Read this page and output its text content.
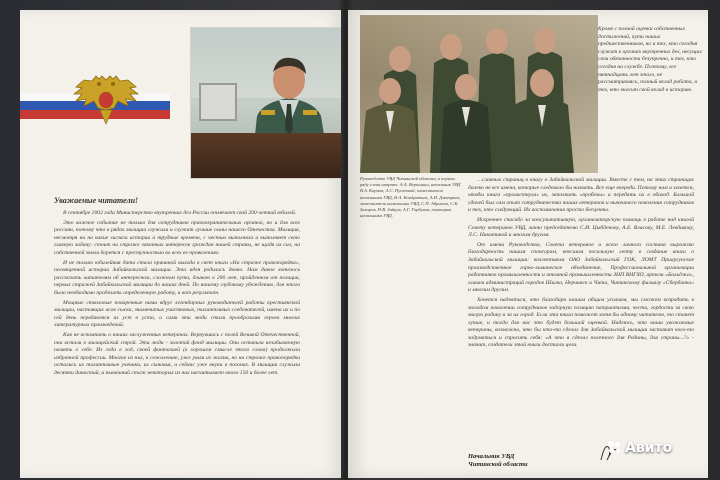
Уважаемые читатели!

В сентябре 2002 года Министерство внутренних дел России отмечает свой 200-летний юбилей.

Это важное событие не только для сотрудников правоохранительных органов, но и для всех россиян, потому что в рядах милиции служили и служат лучшие сыны нашего Отечества. Милиция, несмотря ни на какие зигзаги истории и трудные времена, с честью выполняла и выполняет свою главную задачу: стоит на страже законных интересов граждан нашей страны, не щадя их сил, на собственной земли борется с преступностью во всех ее проявлениях.

И не только юбилейная дата стала причиной выхода в свет книги «На страже правопорядка», посвященной истории Забайкальской милиции. Эта идея родилась давно. Нам давно хотелось рассказать читателям об интересном, сложном пути, длиною в 200 лет, пройденном от полиции, первых стражей Забайкальской милиции до наших дней. По нашему глубокому убеждению, для этого было необходимо проделать определенную работу, и вот результат.

Мощные стволовые поваренные нами вдруг легендарных руководителей работы крестьянской милиции, настоящих асов сыска, знаменитых участковых, талантливых следователей, имена их и по сей день передаются из уст в уста, а сами эти люди стали прообразами героев многих литературных произведений.

Как не вспомнить о наших заслуженных ветеранах. Вернувшись с полей Великой Отечественной, они встали в милицейский строй. Эти люди - золотой фонд милиции. Они оставили незабываемую память о себе. Из года в год, своей фантазией (в хорошем смысле этого слова) продолжили избранной профессии. Многие из них, к сожалению, уже ушли из жизни, но на страже правопорядка остались их талантливые ученики, их сыновья, и сейчас уже внуки в погонах. В милиции служили десятки династий, и нынешний стаж некоторых из них насчитывает около 150 и более лет.

Кроме с полной оценки собственных достижений, пути наших предшественников, но и тех, кто сегодня служит в органах внутренних дел, несущих свои обязанности безупречно, и тех, кто сегодня на службе. Поэтому, все пятнадцать лет этого, не рассматриваясь, полный вклад работа, и тех, кто вносит свой вклад в историю.

Руководство УВД Читинской области, в первом ряду слева направо: А.А. Вершинин, начальник УВД В.А. Карпов, А.С. Пустовой, заместители начальника УВД, Н.А. Кондратьев, А.И. Дмитриев, заместитель начальника УВД, С.П. Абрамов, С.К. Захаров, Н.В. Зайцев, А.Г. Горбунов, помощник начальника УВД.

…славных страниц в книгу о Забайкальской милиции. Вместе с тем, на этих страницах далеко не все имена, которые следовало бы назвать. Все еще впереди. Потому нам и хочется, чтобы книга «пролистнула» их, заполнить «пробелы» и передать их в обиход. Большой удачей был сам опыт сотрудничества наших ветеранов и нынешнего поколения сотрудников и тех, кто следующий. Их воспоминания просто бесценны.

Искреннее спасибо за консультативную, организаторскую помощь в работе над книгой Совету ветеранов УВД, лично председателю С.И. Цыбденову, А.Е. Власову, М.Е. Левдикову, Л.С. Никитиной и многим другим.

От имени Руководства, Совета ветеранов и всего личного состава выражаю благодарность нашим спонсорам, внесшим посильную лепту в создание книги о Забайкальской милиции: коллективам ОАО Забайкальский ГОК, ЛОМТ Приаргунское производственное горно-химическое объединение, Профессиональной организации работников промышленности и атомной промышленности ЗНП ВНГХО, артели «Бальджа», главам администраций городов Шилка, Нерчинск и Чита, Читинскому филиалу «Сбербанка» и многим другим.

Хочется надеяться, что благодаря нашим общим усилиям, мы сможем возродить в молодом поколении сотрудников задорную позицию патриотизма, чести, гордости за свою малую родину и за их город. Если эта книга поможет хотя бы одному читателю, то станет лучше, и тогда для нас это будет большой оценкой. Надеюсь, что наши уважаемые ветераны, возможно, что бы кто-то сделал для Забайкальской милиции заставит кого-то задуматься и спросить себя: «А что я сделал полезного для Родины, для страны...?» - значит, создатели этой книги достигли цели.

Начальник УВД
Читинской области
Авито
